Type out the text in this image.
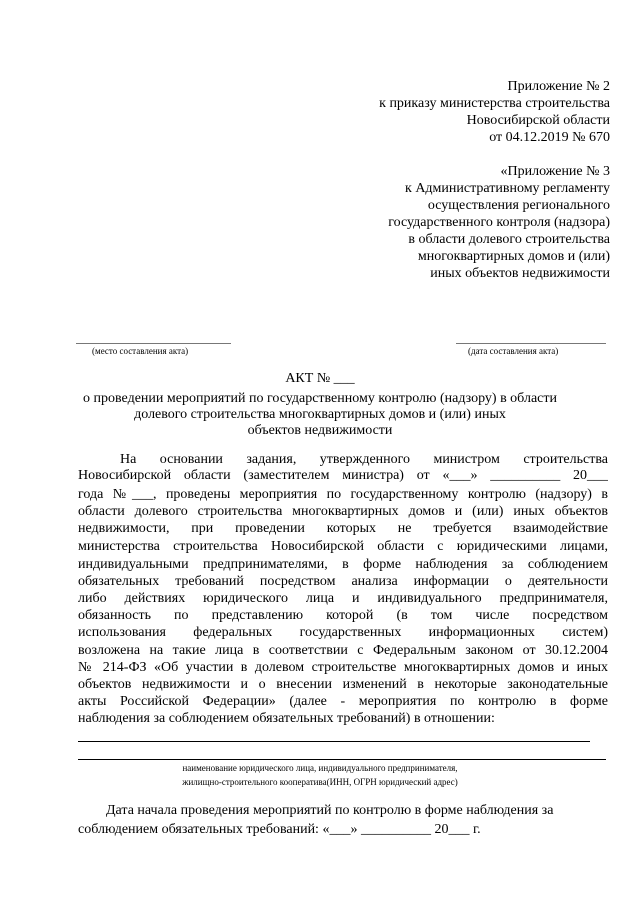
Приложение № 2
к приказу министерства строительства
Новосибирской области
от 04.12.2019 № 670
«Приложение № 3
к Административному регламенту
осуществления регионального
государственного контроля (надзора)
в области долевого строительства
многоквартирных домов и (или)
иных объектов недвижимости
(место составления акта)	(дата составления акта)
АКТ № ___
о проведении мероприятий по государственному контролю (надзору) в области
долевого строительства многоквартирных домов и (или) иных
объектов недвижимости
На основании задания, утвержденного министром строительства
Новосибирской области (заместителем министра) от «___» __________ 20___
года №___, проведены мероприятия по государственному контролю (надзору) в
области долевого строительства многоквартирных домов и (или) иных объектов
недвижимости, при проведении которых не требуется взаимодействие
министерства строительства Новосибирской области с юридическими лицами,
индивидуальными предпринимателями, в форме наблюдения за соблюдением
обязательных требований посредством анализа информации о деятельности
либо действиях юридического лица и индивидуального предпринимателя,
обязанность по представлению которой (в том числе посредством
использования федеральных государственных информационных систем)
возложена на такие лица в соответствии с Федеральным законом от 30.12.2004
№ 214-ФЗ «Об участии в долевом строительстве многоквартирных домов и иных
объектов недвижимости и о внесении изменений в некоторые законодательные
акты Российской Федерации» (далее - мероприятия по контролю в форме
наблюдения за соблюдением обязательных требований) в отношении:
наименование юридического лица, индивидуального предпринимателя,
жилищно-строительного кооператива(ИНН, ОГРН юридический адрес)
Дата начала проведения мероприятий по контролю в форме наблюдения за
соблюдением обязательных требований: «___» __________ 20___ г.
